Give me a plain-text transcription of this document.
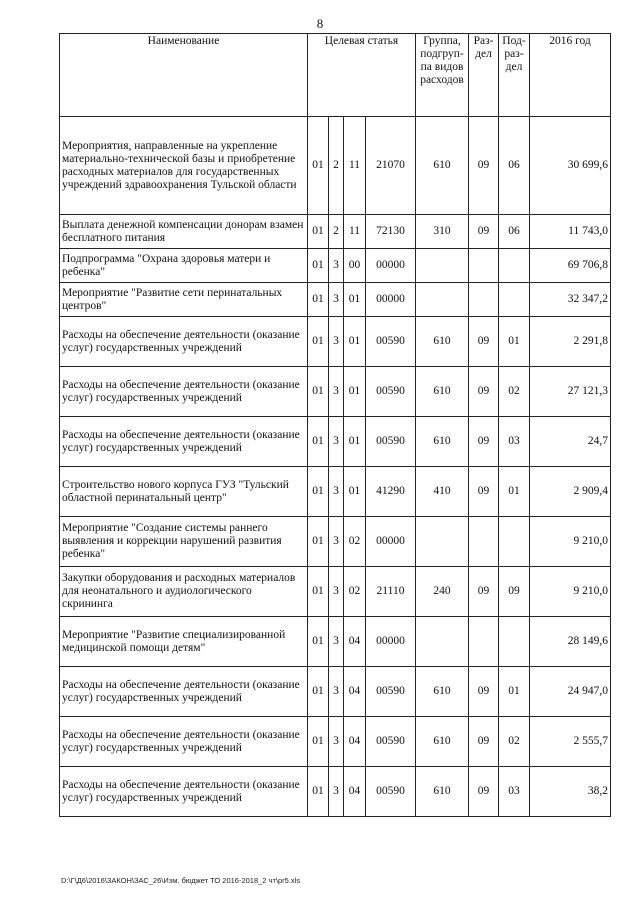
8
Наименование	Целевая статья				Группа, подгруп-па видов расходов	Раз-дел	Под-раз-дел	2016 год
Мероприятия, направленные на укрепление материально-технической базы и приобретение расходных материалов для государственных учреждений здравоохранения Тульской области	01	2	11	21070	610	09	06	30 699,6
Выплата денежной компенсации донорам взамен бесплатного питания	01	2	11	72130	310	09	06	11 743,0
Подпрограмма "Охрана здоровья матери и ребенка"	01	3	00	00000				69 706,8
Мероприятие "Развитие сети перинатальных центров"	01	3	01	00000				32 347,2
Расходы на обеспечение деятельности (оказание услуг) государственных учреждений	01	3	01	00590	610	09	01	2 291,8
Расходы на обеспечение деятельности (оказание услуг) государственных учреждений	01	3	01	00590	610	09	02	27 121,3
Расходы на обеспечение деятельности (оказание услуг) государственных учреждений	01	3	01	00590	610	09	03	24,7
Строительство нового корпуса ГУЗ "Тульский областной перинатальный центр"	01	3	01	41290	410	09	01	2 909,4
Мероприятие "Создание системы раннего выявления и коррекции нарушений развития ребенка"	01	3	02	00000				9 210,0
Закупки оборудования и расходных материалов для неонатального и аудиологического скрининга	01	3	02	21110	240	09	09	9 210,0
Мероприятие "Развитие специализированной медицинской помощи детям"	01	3	04	00000				28 149,6
Расходы на обеспечение деятельности (оказание услуг) государственных учреждений	01	3	04	00590	610	09	01	24 947,0
Расходы на обеспечение деятельности (оказание услуг) государственных учреждений	01	3	04	00590	610	09	02	2 555,7
Расходы на обеспечение деятельности (оказание услуг) государственных учреждений	01	3	04	00590	610	09	03	38,2
D:\Г\Д6\2016\ЗАКОН\ЗАС_26\Изм. бюджет ТО 2016-2018_2 чт\pr5.xls
